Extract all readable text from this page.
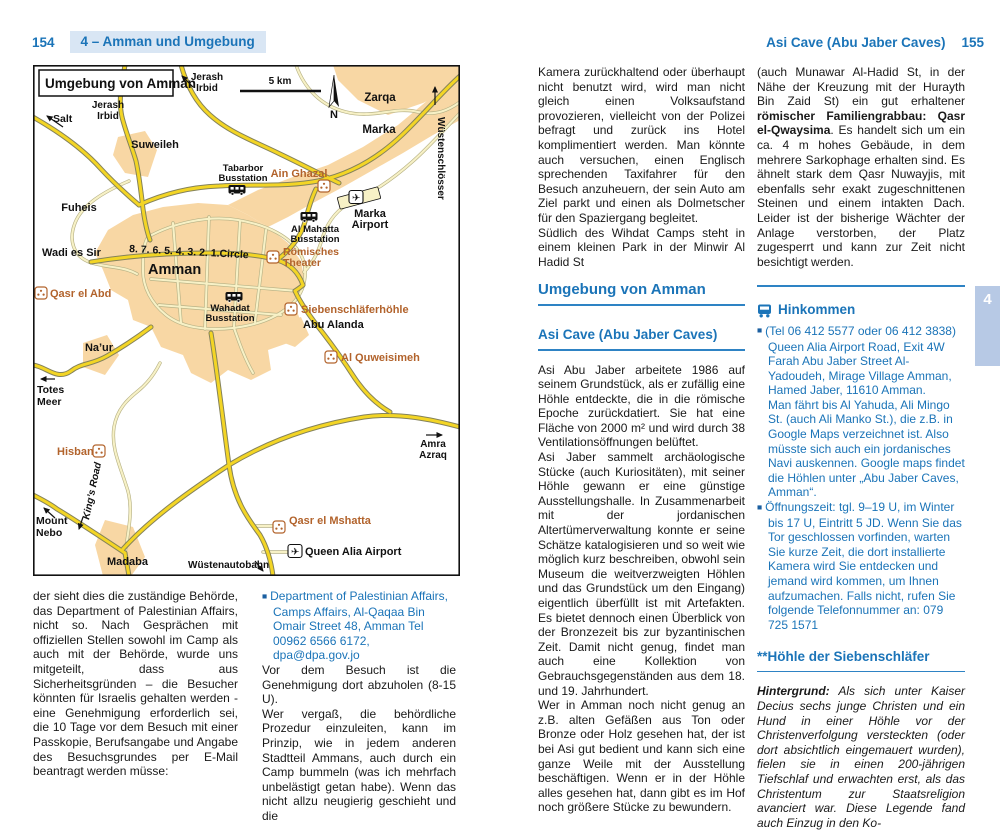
154	4 – Amman und Umgebung	Asi Cave (Abu Jaber Caves) 155
4
N
5 km
✈
✈
Salt
Jerash
Irbid
Jerash
Irbid
Zarqa
Marka	Wüstenschlösser
Suweileh
Fuheis
Tabarbor
Busstation Ain Ghazal
Al Mahatta
Busstation
Marka
Airport
8. 7. 6. 5. 4. 3. 2. 1.Circle
Amman
Wadi es Sir
Qasr el Abd
Wahadat
Busstation
Römisches
Theater
Siebenschläferhöhle
Abu Alanda
Al Quweisimeh
Na’ur
Totes
Meer
Hisban
King’s Road
Mount
Nebo
Madaba	Wüstenautobahn
Amra
Azraq
Qasr el Mshatta
Queen Alia Airport
Umgebung von Amman

der sieht dies die zuständige Behörde, das Department of Palestinian Affairs, nicht so. Nach Gesprächen mit offiziellen Stellen sowohl im Camp als auch mit der Behörde, wurde uns mitgeteilt, dass aus Sicherheitsgründen – die Besucher könnten für Israelis gehalten werden - eine Genehmigung erforderlich sei, die 10 Tage vor dem Besuch mit einer Passkopie, Berufsangabe und Angabe des Besuchsgrundes per E-Mail beantragt werden müsse:

■ Department of Palestinian Affairs, Camps Affairs, Al-Qaqaa Bin Omair Street 48, Amman Tel 00962 6566 6172, dpa@dpa.gov.jo

Vor dem Besuch ist die Genehmigung dort abzuholen (8-15 U).

Wer vergaß, die behördliche Prozedur einzuleiten, kann im Prinzip, wie in jedem anderen Stadtteil Ammans, auch durch ein Camp bummeln (was ich mehrfach unbelästigt getan habe). Wenn das nicht allzu neugierig geschieht und die

Kamera zurückhaltend oder überhaupt nicht benutzt wird, wird man nicht gleich einen Volksaufstand provozieren, vielleicht von der Polizei befragt und zurück ins Hotel komplimentiert werden. Man könnte auch versuchen, einen Englisch sprechenden Taxifahrer für den Besuch anzuheuern, der sein Auto am Ziel parkt und einen als Dolmetscher für den Spaziergang begleitet.

Südlich des Wihdat Camps steht in einem kleinen Park in der Minwir Al Hadid St

Umgebung von Amman
Asi Cave (Abu Jaber Caves)

Asi Abu Jaber arbeitete 1986 auf seinem Grundstück, als er zufällig eine Höhle entdeckte, die in die römische Epoche zurückdatiert. Sie hat eine Fläche von 2000 m² und wird durch 38 Ventilationsöffnungen belüftet.

Asi Jaber sammelt archäologische Stücke (auch Kuriositäten), mit seiner Höhle gewann er eine günstige Ausstellungshalle. In Zusammenarbeit mit der jordanischen Altertümerverwaltung konnte er seine Schätze katalogisieren und so weit wie möglich kurz beschreiben, obwohl sein Museum die weitverzweigten Höhlen und das Grundstück um den Eingang) eigentlich überfüllt ist mit Artefakten. Es bietet dennoch einen Überblick von der Bronzezeit bis zur byzantinischen Zeit. Damit nicht genug, findet man auch eine Kollektion von Gebrauchsgegenständen aus dem 18. und 19. Jahrhundert.

Wer in Amman noch nicht genug an z.B. alten Gefäßen aus Ton oder Bronze oder Holz gesehen hat, der ist bei Asi gut bedient und kann sich eine ganze Weile mit der Ausstellung beschäftigen. Wenn er in der Höhle alles gesehen hat, dann gibt es im Hof noch größere Stücke zu bewundern.

(auch Munawar Al-Hadid St, in der Nähe der Kreuzung mit der Hurayth Bin Zaid St) ein gut erhaltener römischer Familiengrabbau: Qasr el-Qwaysima. Es handelt sich um ein ca. 4 m hohes Gebäude, in dem mehrere Sarkophage erhalten sind. Es ähnelt stark dem Qasr Nuwayjis, mit ebenfalls sehr exakt zugeschnittenen Steinen und einem intakten Dach. Leider ist der bisherige Wächter der Anlage verstorben, der Platz zugesperrt und kann zur Zeit nicht besichtigt werden.

Hinkommen
■ (Tel 06 412 5577 oder 06 412 3838) Queen Alia Airport Road, Exit 4W Farah Abu Jaber Street Al-Yadoudeh, Mirage Village Amman, Hamed Jaber, 11610 Amman.
Man fährt bis Al Yahuda, Ali Mingo St. (auch Ali Manko St.), die z.B. in Google Maps verzeichnet ist. Also müsste sich auch ein jordanisches Navi auskennen. Google maps findet die Höhlen unter „Abu Jaber Caves, Amman“.
■ Öffnungszeit: tgl. 9–19 U, im Winter bis 17 U, Eintritt 5 JD. Wenn Sie das Tor geschlossen vorfinden, warten Sie kurze Zeit, die dort installierte Kamera wird Sie entdecken und jemand wird kommen, um Ihnen aufzumachen. Falls nicht, rufen Sie folgende Telefonnummer an: 079 725 1571
**Höhle der Siebenschläfer

Hintergrund: Als sich unter Kaiser Decius sechs junge Christen und ein Hund in einer Höhle vor der Christenverfolgung versteckten (oder dort absichtlich eingemauert wurden), fielen sie in einen 200-jährigen Tiefschlaf und erwachten erst, als das Christentum zur Staatsreligion avanciert war. Diese Legende fand auch Einzug in den Ko-
